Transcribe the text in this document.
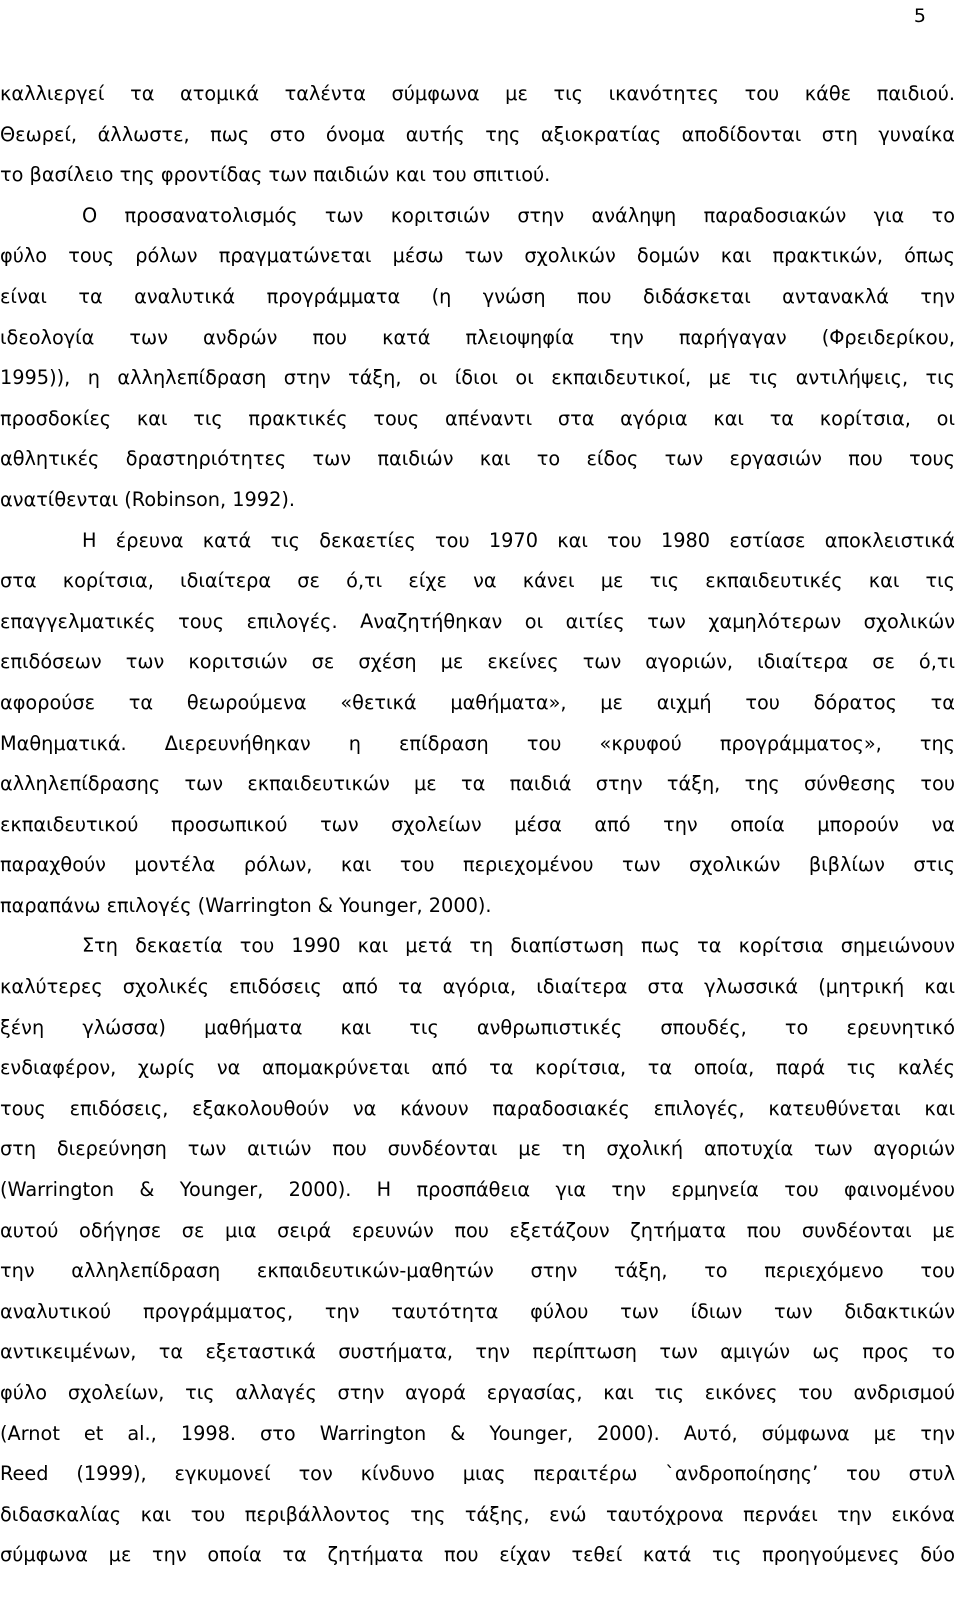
5
καλλιεργεί τα ατομικά ταλέντα σύμφωνα με τις ικανότητες του κάθε παιδιού.
Θεωρεί, άλλωστε, πως στο όνομα αυτής της αξιοκρατίας αποδίδονται στη γυναίκα
το βασίλειο της φροντίδας των παιδιών και του σπιτιού.
Ο προσανατολισμός των κοριτσιών στην ανάληψη παραδοσιακών για το
φύλο τους ρόλων πραγματώνεται μέσω των σχολικών δομών και πρακτικών, όπως
είναι τα αναλυτικά προγράμματα (η γνώση που διδάσκεται αντανακλά την
ιδεολογία των ανδρών που κατά πλειοψηφία την παρήγαγαν (Φρειδερίκου,
1995)), η αλληλεπίδραση στην τάξη, οι ίδιοι οι εκπαιδευτικοί, με τις αντιλήψεις, τις
προσδοκίες και τις πρακτικές τους απέναντι στα αγόρια και τα κορίτσια, οι
αθλητικές δραστηριότητες των παιδιών και το είδος των εργασιών που τους
ανατίθενται (Robinson, 1992).
Η έρευνα κατά τις δεκαετίες του 1970 και του 1980 εστίασε αποκλειστικά
στα κορίτσια, ιδιαίτερα σε ό,τι είχε να κάνει με τις εκπαιδευτικές και τις
επαγγελματικές τους επιλογές. Αναζητήθηκαν οι αιτίες των χαμηλότερων σχολικών
επιδόσεων των κοριτσιών σε σχέση με εκείνες των αγοριών, ιδιαίτερα σε ό,τι
αφορούσε τα θεωρούμενα «θετικά μαθήματα», με αιχμή του δόρατος τα
Μαθηματικά. Διερευνήθηκαν η επίδραση του «κρυφού προγράμματος», της
αλληλεπίδρασης των εκπαιδευτικών με τα παιδιά στην τάξη, της σύνθεσης του
εκπαιδευτικού προσωπικού των σχολείων μέσα από την οποία μπορούν να
παραχθούν μοντέλα ρόλων, και του περιεχομένου των σχολικών βιβλίων στις
παραπάνω επιλογές (Warrington & Younger, 2000).
Στη δεκαετία του 1990 και μετά τη διαπίστωση πως τα κορίτσια σημειώνουν
καλύτερες σχολικές επιδόσεις από τα αγόρια, ιδιαίτερα στα γλωσσικά (μητρική και
ξένη γλώσσα) μαθήματα και τις ανθρωπιστικές σπουδές, το ερευνητικό
ενδιαφέρον, χωρίς να απομακρύνεται από τα κορίτσια, τα οποία, παρά τις καλές
τους επιδόσεις, εξακολουθούν να κάνουν παραδοσιακές επιλογές, κατευθύνεται και
στη διερεύνηση των αιτιών που συνδέονται με τη σχολική αποτυχία των αγοριών
(Warrington & Younger, 2000). Η προσπάθεια για την ερμηνεία του φαινομένου
αυτού οδήγησε σε μια σειρά ερευνών που εξετάζουν ζητήματα που συνδέονται με
την αλληλεπίδραση εκπαιδευτικών-μαθητών στην τάξη, το περιεχόμενο του
αναλυτικού προγράμματος, την ταυτότητα φύλου των ίδιων των διδακτικών
αντικειμένων, τα εξεταστικά συστήματα, την περίπτωση των αμιγών ως προς το
φύλο σχολείων, τις αλλαγές στην αγορά εργασίας, και τις εικόνες του ανδρισμού
(Arnot et al., 1998. στο Warrington & Younger, 2000). Αυτό, σύμφωνα με την
Reed (1999), εγκυμονεί τον κίνδυνο μιας περαιτέρω `ανδροποίησης’ του στυλ
διδασκαλίας και του περιβάλλοντος της τάξης, ενώ ταυτόχρονα περνάει την εικόνα
σύμφωνα με την οποία τα ζητήματα που είχαν τεθεί κατά τις προηγούμενες δύο
